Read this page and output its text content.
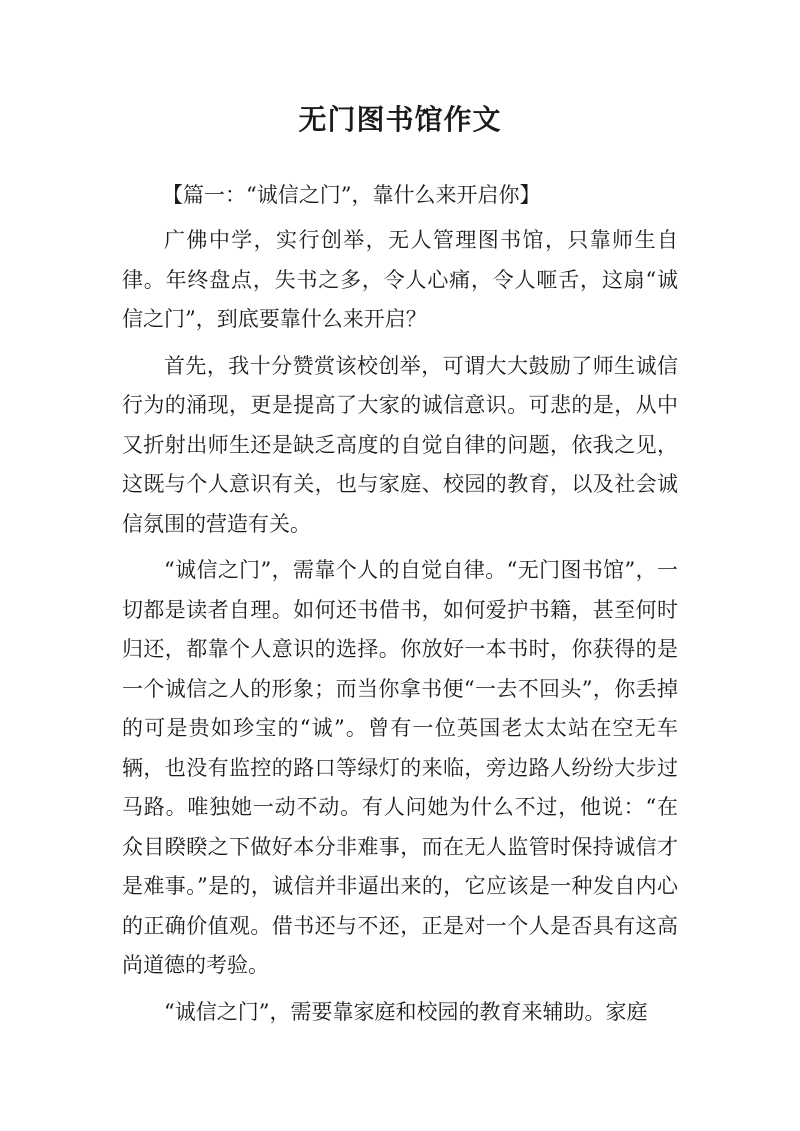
无门图书馆作文

【篇一：“诚信之门”，靠什么来开启你】

广佛中学，实行创举，无人管理图书馆，只靠师生自律。年终盘点，失书之多，令人心痛，令人咂舌，这扇“诚信之门”，到底要靠什么来开启？

首先，我十分赞赏该校创举，可谓大大鼓励了师生诚信行为的涌现，更是提高了大家的诚信意识。可悲的是，从中又折射出师生还是缺乏高度的自觉自律的问题，依我之见，这既与个人意识有关，也与家庭、校园的教育，以及社会诚信氛围的营造有关。

“诚信之门”，需靠个人的自觉自律。“无门图书馆”，一切都是读者自理。如何还书借书，如何爱护书籍，甚至何时归还，都靠个人意识的选择。你放好一本书时，你获得的是一个诚信之人的形象；而当你拿书便“一去不回头”，你丢掉的可是贵如珍宝的“诚”。曾有一位英国老太太站在空无车辆，也没有监控的路口等绿灯的来临，旁边路人纷纷大步过马路。唯独她一动不动。有人问她为什么不过，他说：“在众目睽睽之下做好本分非难事，而在无人监管时保持诚信才是难事。”是的，诚信并非逼出来的，它应该是一种发自内心的正确价值观。借书还与不还，正是对一个人是否具有这高尚道德的考验。

“诚信之门”，需要靠家庭和校园的教育来辅助。家庭
